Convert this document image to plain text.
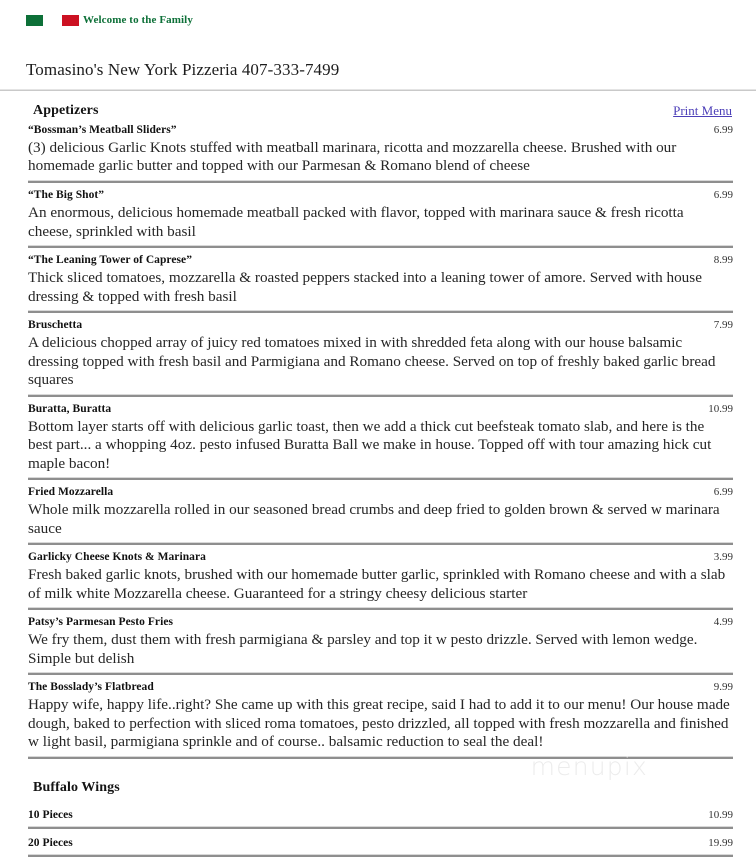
Welcome to the Family
Tomasino's New York Pizzeria 407-333-7499
Appetizers	Print Menu
“Bossman’s Meatball Sliders”	6.99
(3) delicious Garlic Knots stuffed with meatball marinara, ricotta and mozzarella cheese. Brushed with our homemade garlic butter and topped with our Parmesan & Romano blend of cheese
“The Big Shot”	6.99
An enormous, delicious homemade meatball packed with flavor, topped with marinara sauce & fresh ricotta cheese, sprinkled with basil
“The Leaning Tower of Caprese”	8.99
Thick sliced tomatoes, mozzarella & roasted peppers stacked into a leaning tower of amore. Served with house dressing & topped with fresh basil
Bruschetta	7.99
A delicious chopped array of juicy red tomatoes mixed in with shredded feta along with our house balsamic dressing topped with fresh basil and Parmigiana and Romano cheese. Served on top of freshly baked garlic bread squares
Buratta, Buratta	10.99
Bottom layer starts off with delicious garlic toast, then we add a thick cut beefsteak tomato slab, and here is the best part... a whopping 4oz. pesto infused Buratta Ball we make in house. Topped off with tour amazing hick cut maple bacon!
Fried Mozzarella	6.99
Whole milk mozzarella rolled in our seasoned bread crumbs and deep fried to golden brown & served w marinara sauce
Garlicky Cheese Knots & Marinara	3.99
Fresh baked garlic knots, brushed with our homemade butter garlic, sprinkled with Romano cheese and with a slab of milk white Mozzarella cheese. Guaranteed for a stringy cheesy delicious starter
Patsy’s Parmesan Pesto Fries	4.99
We fry them, dust them with fresh parmigiana & parsley and top it w pesto drizzle. Served with lemon wedge. Simple but delish
The Bosslady’s Flatbread	9.99
Happy wife, happy life..right? She came up with this great recipe, said I had to add it to our menu! Our house made dough, baked to perfection with sliced roma tomatoes, pesto drizzled, all topped with fresh mozzarella and finished w light basil, parmigiana sprinkle and of course.. balsamic reduction to seal the deal!
Buffalo Wings
10 Pieces	10.99
20 Pieces	19.99
menupix
